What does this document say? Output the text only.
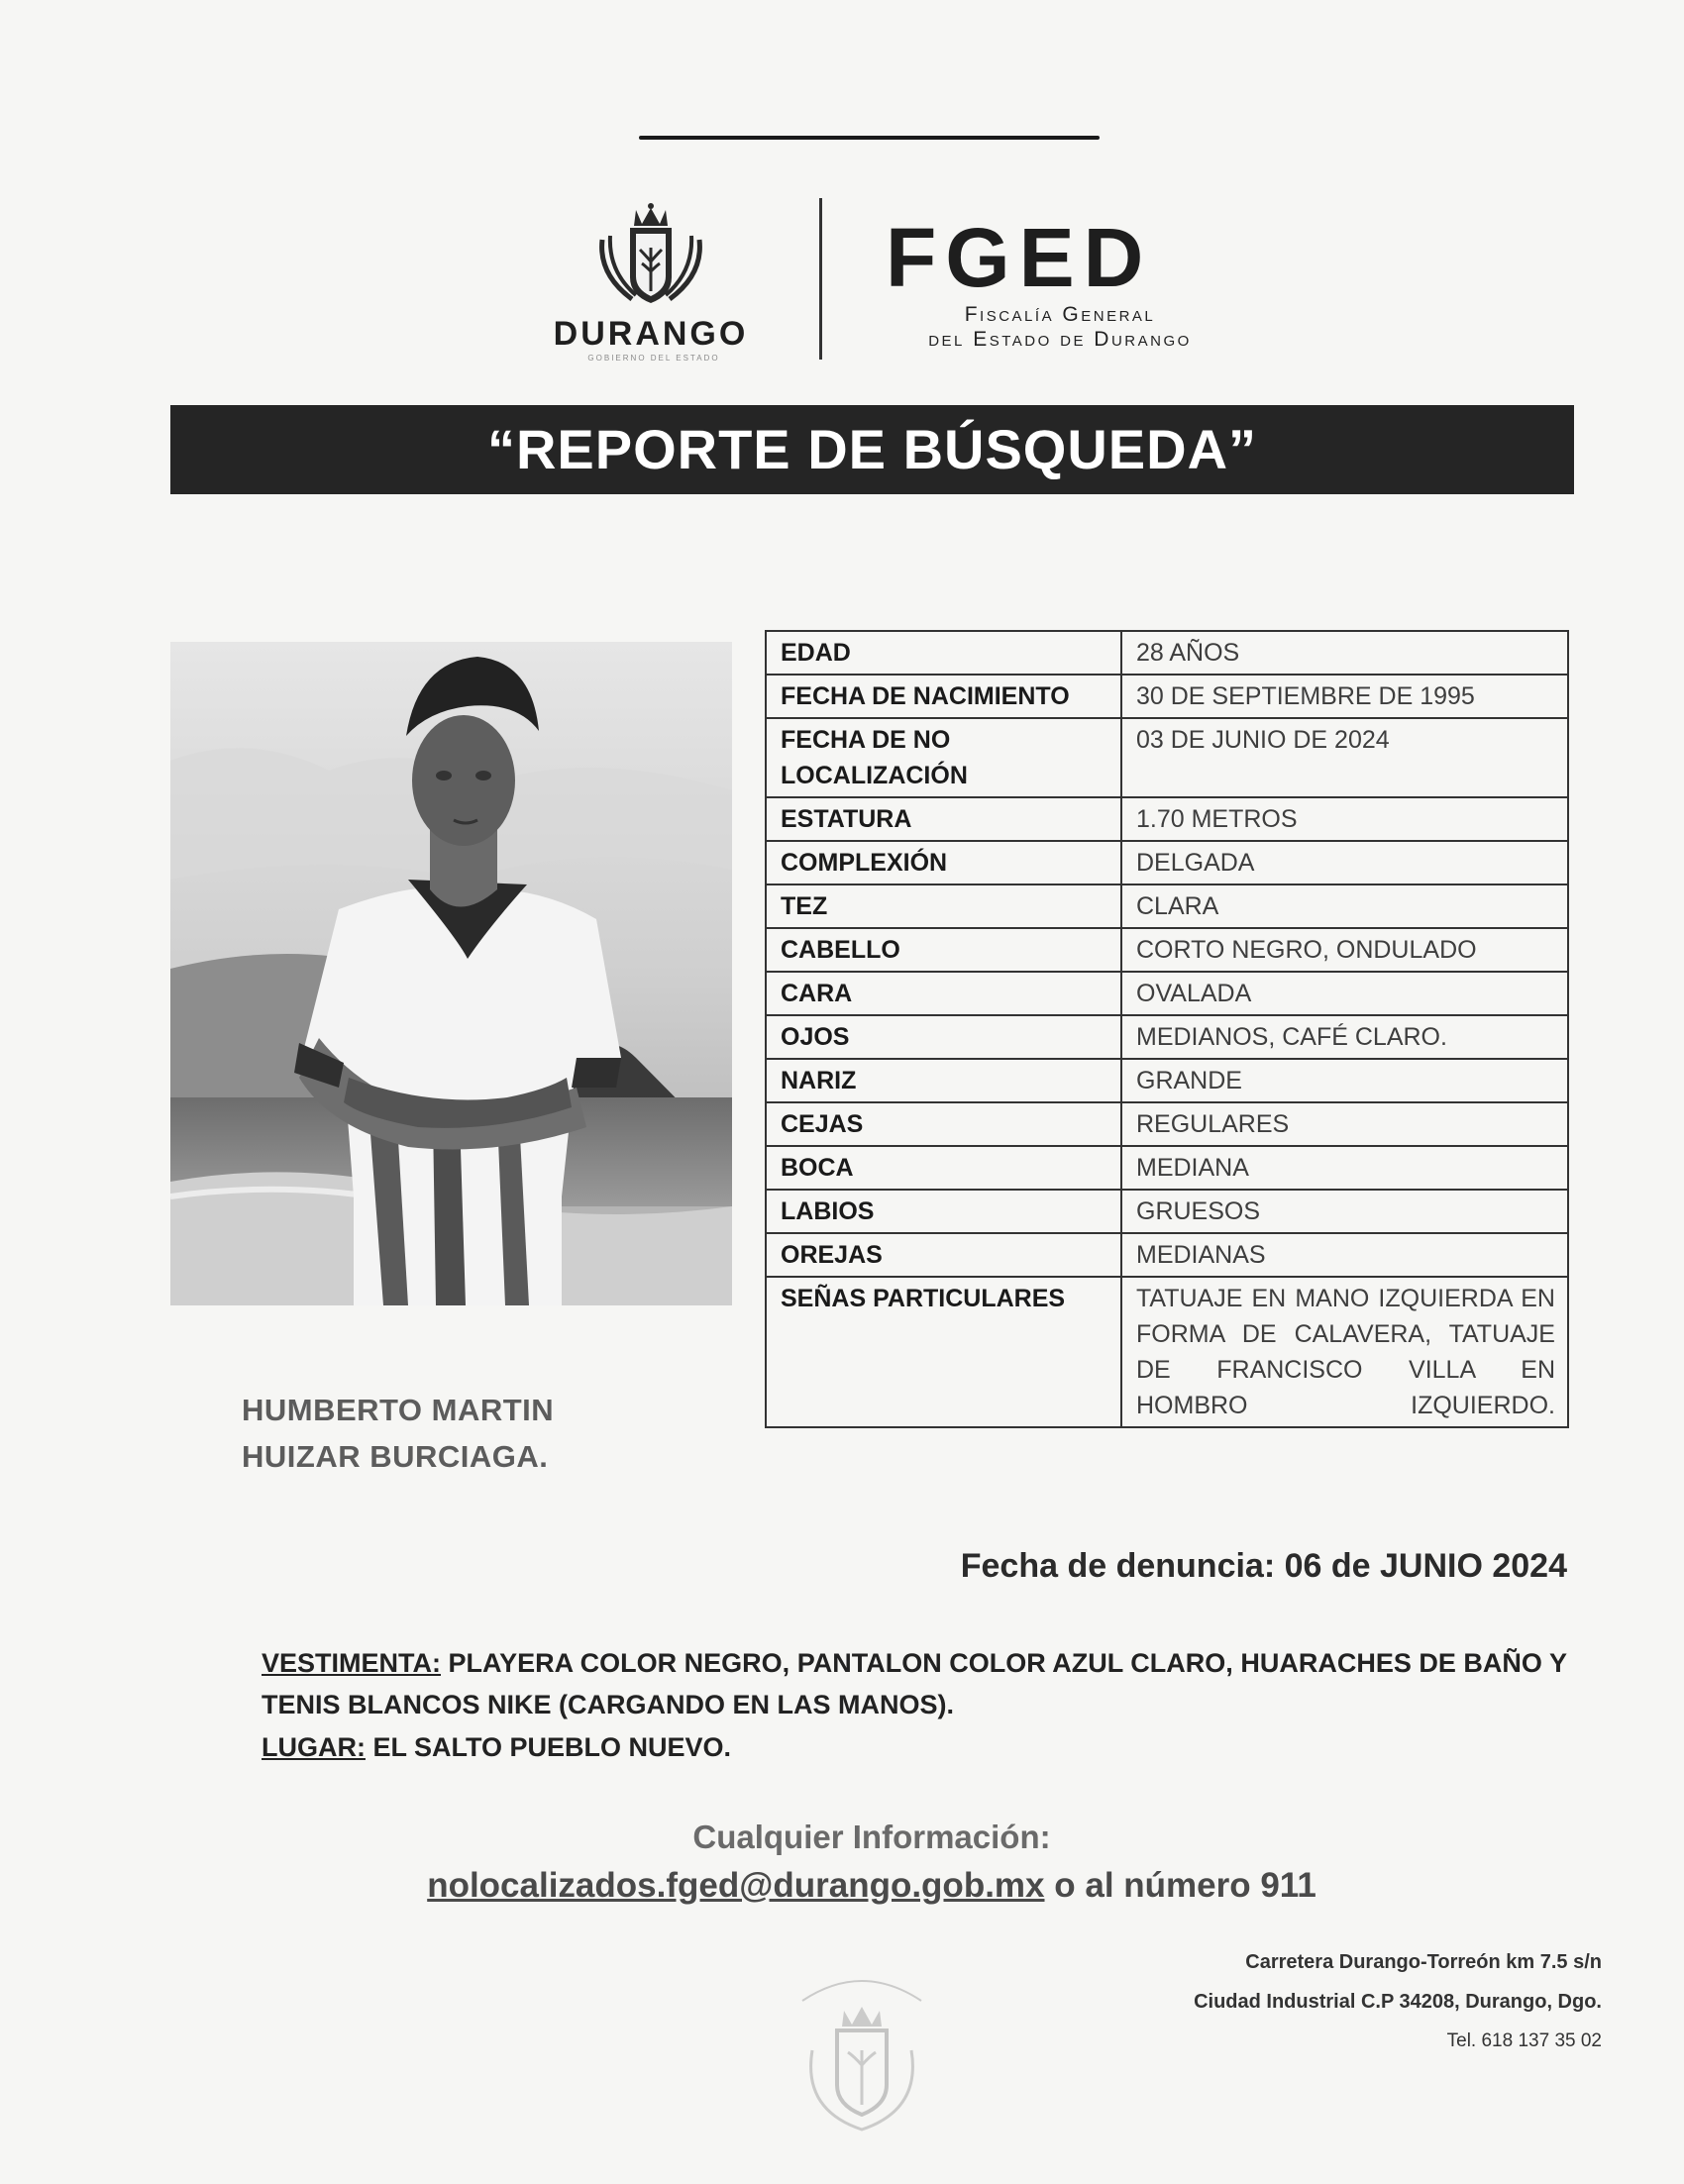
DURANGO
GOBIERNO DEL ESTADO
FGED
Fiscalía General
del Estado de Durango
“REPORTE DE BÚSQUEDA”
HUMBERTO MARTIN
HUIZAR BURCIAGA.
EDAD	28 AÑOS
FECHA DE NACIMIENTO	30 DE SEPTIEMBRE DE 1995
FECHA DE NO LOCALIZACIÓN	03 DE JUNIO DE 2024
ESTATURA	1.70 METROS
COMPLEXIÓN	DELGADA
TEZ	CLARA
CABELLO	CORTO NEGRO, ONDULADO
CARA	OVALADA
OJOS	MEDIANOS, CAFÉ CLARO.
NARIZ	GRANDE
CEJAS	REGULARES
BOCA	MEDIANA
LABIOS	GRUESOS
OREJAS	MEDIANAS
SEÑAS PARTICULARES	TATUAJE EN MANO IZQUIERDA EN FORMA DE CALAVERA, TATUAJE DE FRANCISCO VILLA EN HOMBRO IZQUIERDO.
Fecha de denuncia: 06 de JUNIO 2024
VESTIMENTA: PLAYERA COLOR NEGRO, PANTALON COLOR AZUL CLARO, HUARACHES DE BAÑO Y TENIS BLANCOS NIKE (CARGANDO EN LAS MANOS).
LUGAR: EL SALTO PUEBLO NUEVO.
Cualquier Información:
nolocalizados.fged@durango.gob.mx o al número 911
Carretera Durango-Torreón km 7.5 s/n
Ciudad Industrial C.P 34208, Durango, Dgo.
Tel. 618 137 35 02
